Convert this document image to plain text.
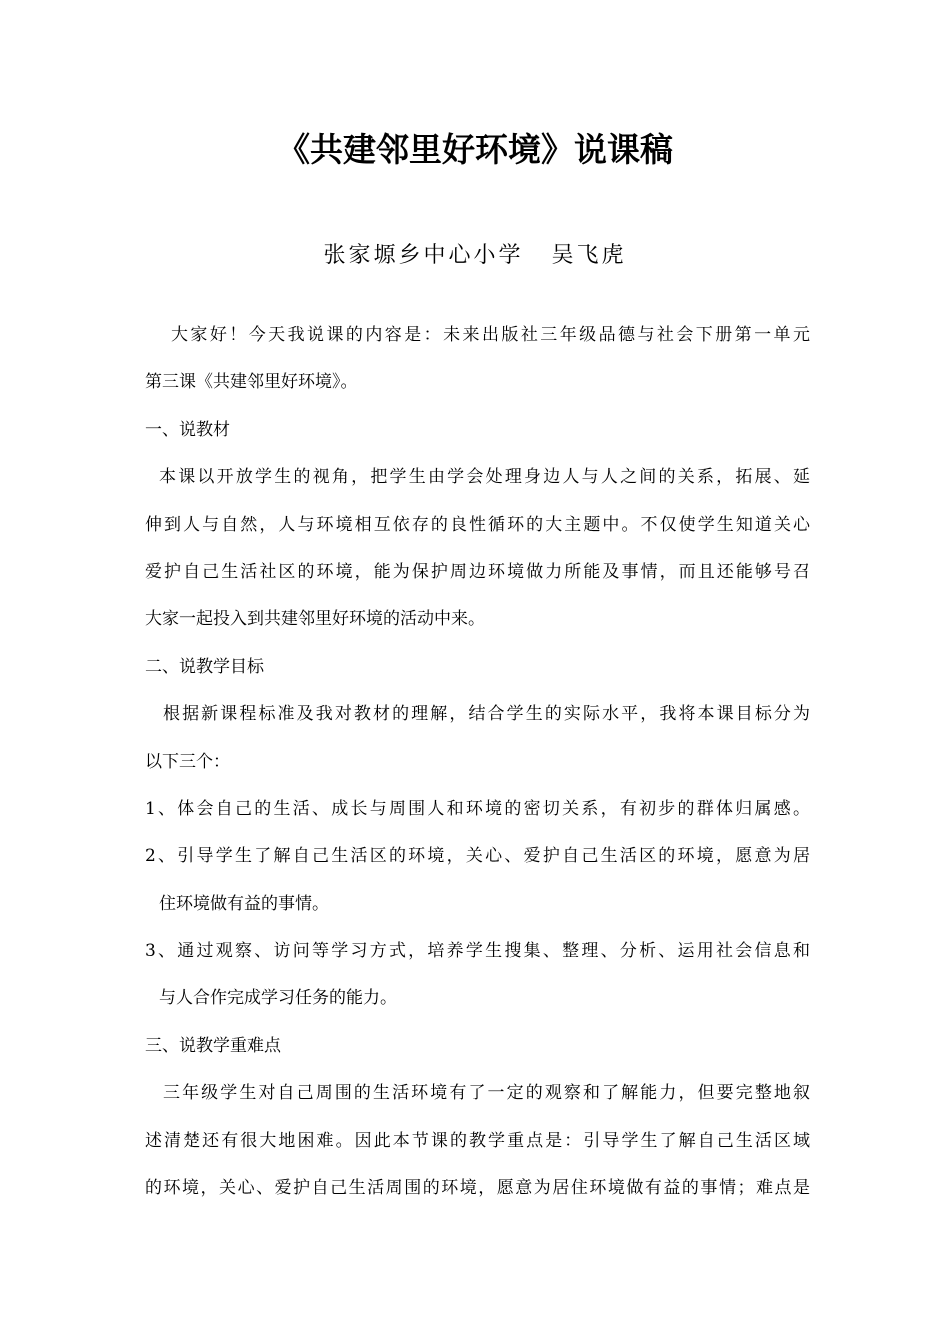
《共建邻里好环境》说课稿
张家塬乡中心小学 吴飞虎
大家好！今天我说课的内容是：未来出版社三年级品德与社会下册第一单元
第三课《共建邻里好环境》。
一、说教材
本课以开放学生的视角，把学生由学会处理身边人与人之间的关系，拓展、延
伸到人与自然，人与环境相互依存的良性循环的大主题中。不仅使学生知道关心
爱护自己生活社区的环境，能为保护周边环境做力所能及事情，而且还能够号召
大家一起投入到共建邻里好环境的活动中来。
二、说教学目标
根据新课程标准及我对教材的理解，结合学生的实际水平，我将本课目标分为
以下三个：
1、体会自己的生活、成长与周围人和环境的密切关系，有初步的群体归属感。
2、引导学生了解自己生活区的环境，关心、爱护自己生活区的环境，愿意为居
住环境做有益的事情。
3、通过观察、访问等学习方式，培养学生搜集、整理、分析、运用社会信息和
与人合作完成学习任务的能力。
三、说教学重难点
三年级学生对自己周围的生活环境有了一定的观察和了解能力，但要完整地叙
述清楚还有很大地困难。因此本节课的教学重点是：引导学生了解自己生活区域
的环境，关心、爱护自己生活周围的环境，愿意为居住环境做有益的事情；难点是
